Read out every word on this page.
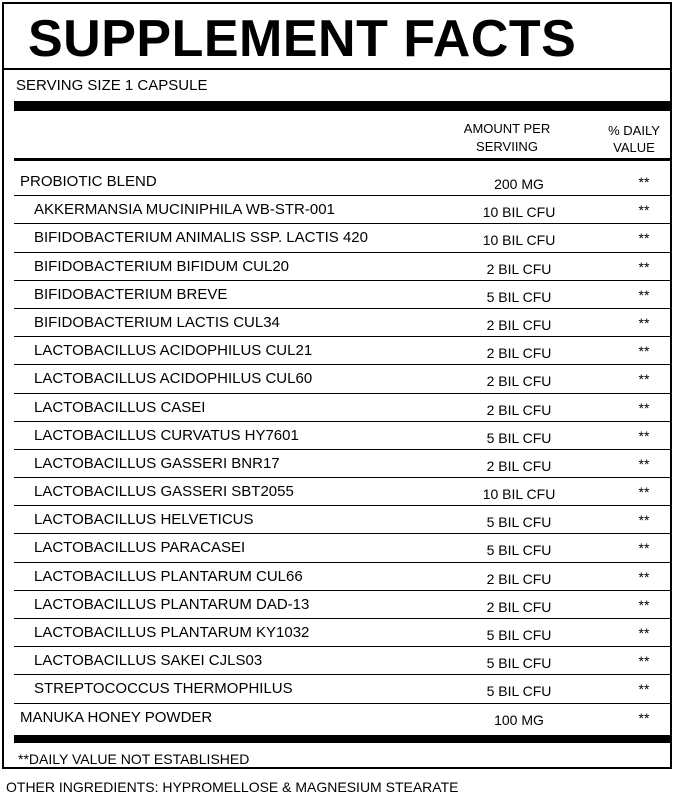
SUPPLEMENT FACTS
SERVING SIZE 1 CAPSULE
AMOUNT PER
SERVIING
% DAILY
VALUE
PROBIOTIC BLEND	200 MG	**
AKKERMANSIA MUCINIPHILA WB-STR-001	10 BIL CFU	**
BIFIDOBACTERIUM ANIMALIS SSP. LACTIS 420	10 BIL CFU	**
BIFIDOBACTERIUM BIFIDUM CUL20	2 BIL CFU	**
BIFIDOBACTERIUM BREVE	5 BIL CFU	**
BIFIDOBACTERIUM LACTIS CUL34	2 BIL CFU	**
LACTOBACILLUS ACIDOPHILUS CUL21	2 BIL CFU	**
LACTOBACILLUS ACIDOPHILUS CUL60	2 BIL CFU	**
LACTOBACILLUS CASEI	2 BIL CFU	**
LACTOBACILLUS CURVATUS HY7601	5 BIL CFU	**
LACTOBACILLUS GASSERI BNR17	2 BIL CFU	**
LACTOBACILLUS GASSERI SBT2055	10 BIL CFU	**
LACTOBACILLUS HELVETICUS	5 BIL CFU	**
LACTOBACILLUS PARACASEI	5 BIL CFU	**
LACTOBACILLUS PLANTARUM CUL66	2 BIL CFU	**
LACTOBACILLUS PLANTARUM DAD-13	2 BIL CFU	**
LACTOBACILLUS PLANTARUM KY1032	5 BIL CFU	**
LACTOBACILLUS SAKEI CJLS03	5 BIL CFU	**
STREPTOCOCCUS THERMOPHILUS	5 BIL CFU	**
MANUKA HONEY POWDER	100 MG	**
**DAILY VALUE NOT ESTABLISHED
OTHER INGREDIENTS: HYPROMELLOSE & MAGNESIUM STEARATE
